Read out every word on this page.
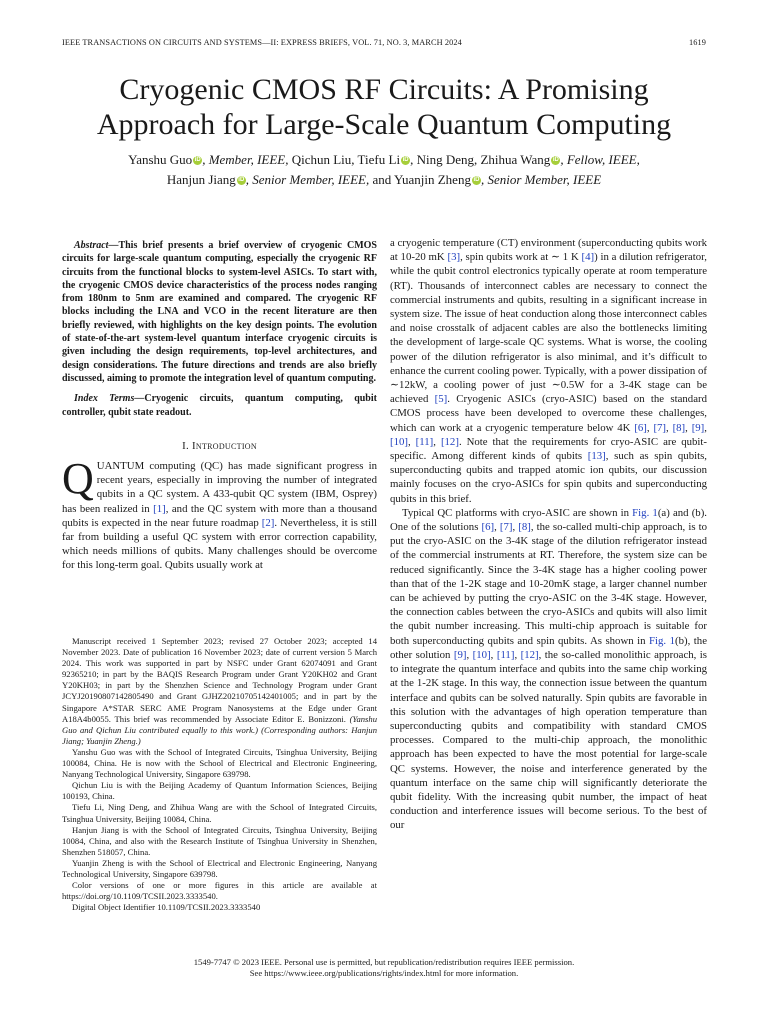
IEEE TRANSACTIONS ON CIRCUITS AND SYSTEMS—II: EXPRESS BRIEFS, VOL. 71, NO. 3, MARCH 2024	1619
Cryogenic CMOS RF Circuits: A Promising
Approach for Large-Scale Quantum Computing
Yanshu Guo iD , Member, IEEE, Qichun Liu, Tiefu Li iD , Ning Deng, Zhihua Wang iD , Fellow, IEEE,
Hanjun Jiang iD , Senior Member, IEEE, and Yuanjin Zheng iD , Senior Member, IEEE

Abstract—This brief presents a brief overview of cryogenic CMOS circuits for large-scale quantum computing, especially the cryogenic RF circuits from the functional blocks to system-level ASICs. To start with, the cryogenic CMOS device characteristics of the process nodes ranging from 180nm to 5nm are examined and compared. The cryogenic RF blocks including the LNA and VCO in the recent literature are then briefly reviewed, with highlights on the key design points. The evolution of state-of-the-art system-level quantum interface cryogenic circuits is given including the design requirements, top-level architectures, and design considerations. The future directions and trends are also briefly discussed, aiming to promote the integration level of quantum computing.

Index Terms—Cryogenic circuits, quantum computing, qubit controller, qubit state readout.

I. Introduction

QUANTUM computing (QC) has made significant progress in recent years, especially in improving the number of integrated qubits in a QC system. A 433-qubit QC system (IBM, Osprey) has been realized in [1], and the QC system with more than a thousand qubits is expected in the near future roadmap [2]. Nevertheless, it is still far from building a useful QC system with error correction capability, which needs millions of qubits. Many challenges should be overcome for this long-term goal. Qubits usually work at

Manuscript received 1 September 2023; revised 27 October 2023; accepted 14 November 2023. Date of publication 16 November 2023; date of current version 5 March 2024. This work was supported in part by NSFC under Grant 62074091 and Grant 92365210; in part by the BAQIS Research Program under Grant Y20KH02 and Grant Y20KH03; in part by the Shenzhen Science and Technology Program under Grant JCYJ20190807142805490 and Grant GJHZ20210705142401005; and in part by the Singapore A*STAR SERC AME Program Nanosystems at the Edge under Grant A18A4b0055. This brief was recommended by Associate Editor E. Bonizzoni. (Yanshu Guo and Qichun Liu contributed equally to this work.) (Corresponding authors: Hanjun Jiang; Yuanjin Zheng.)

Yanshu Guo was with the School of Integrated Circuits, Tsinghua University, Beijing 100084, China. He is now with the School of Electrical and Electronic Engineering, Nanyang Technological University, Singapore 639798.

Qichun Liu is with the Beijing Academy of Quantum Information Sciences, Beijing 100193, China.

Tiefu Li, Ning Deng, and Zhihua Wang are with the School of Integrated Circuits, Tsinghua University, Beijing 10084, China.

Hanjun Jiang is with the School of Integrated Circuits, Tsinghua University, Beijing 10084, China, and also with the Research Institute of Tsinghua University in Shenzhen, Shenzhen 518057, China.

Yuanjin Zheng is with the School of Electrical and Electronic Engineering, Nanyang Technological University, Singapore 639798.

Color versions of one or more figures in this article are available at https://doi.org/10.1109/TCSII.2023.3333540.

Digital Object Identifier 10.1109/TCSII.2023.3333540

a cryogenic temperature (CT) environment (superconducting qubits work at 10-20 mK [3], spin qubits work at ∼ 1 K [4]) in a dilution refrigerator, while the qubit control electronics typically operate at room temperature (RT). Thousands of interconnect cables are necessary to connect the commercial instruments and qubits, resulting in a significant increase in system size. The issue of heat conduction along those interconnect cables and noise crosstalk of adjacent cables are also the bottlenecks limiting the development of large-scale QC systems. What is worse, the cooling power of the dilution refrigerator is also minimal, and it’s difficult to enhance the current cooling power. Typically, with a power dissipation of ∼12kW, a cooling power of just ∼0.5W for a 3-4K stage can be achieved [5]. Cryogenic ASICs (cryo-ASIC) based on the standard CMOS process have been developed to overcome these challenges, which can work at a cryogenic temperature below 4K [6], [7], [8], [9], [10], [11], [12]. Note that the requirements for cryo-ASIC are qubit-specific. Among different kinds of qubits [13], such as spin qubits, superconducting qubits and trapped atomic ion qubits, our discussion mainly focuses on the cryo-ASICs for spin qubits and superconducting qubits in this brief.

Typical QC platforms with cryo-ASIC are shown in Fig. 1(a) and (b). One of the solutions [6], [7], [8], the so-called multi-chip approach, is to put the cryo-ASIC on the 3-4K stage of the dilution refrigerator instead of the commercial instruments at RT. Therefore, the system size can be reduced significantly. Since the 3-4K stage has a higher cooling power than that of the 1-2K stage and 10-20mK stage, a larger channel number can be achieved by putting the cryo-ASIC on the 3-4K stage. However, the connection cables between the cryo-ASICs and qubits will also limit the qubit number increasing. This multi-chip approach is suitable for both superconducting qubits and spin qubits. As shown in Fig. 1(b), the other solution [9], [10], [11], [12], the so-called monolithic approach, is to integrate the quantum interface and qubits into the same chip working at the 1-2K stage. In this way, the connection issue between the quantum interface and qubits can be solved naturally. Spin qubits are favorable in this solution with the advantages of high operation temperature than superconducting qubits and compatibility with standard CMOS processes. Compared to the multi-chip approach, the monolithic approach has been expected to have the most potential for large-scale QC systems. However, the noise and interference generated by the quantum interface on the same chip will significantly deteriorate the qubit fidelity. With the increasing qubit number, the impact of heat conduction and interference issues will become serious. To the best of our

1549-7747 © 2023 IEEE. Personal use is permitted, but republication/redistribution requires IEEE permission.
See https://www.ieee.org/publications/rights/index.html for more information.
